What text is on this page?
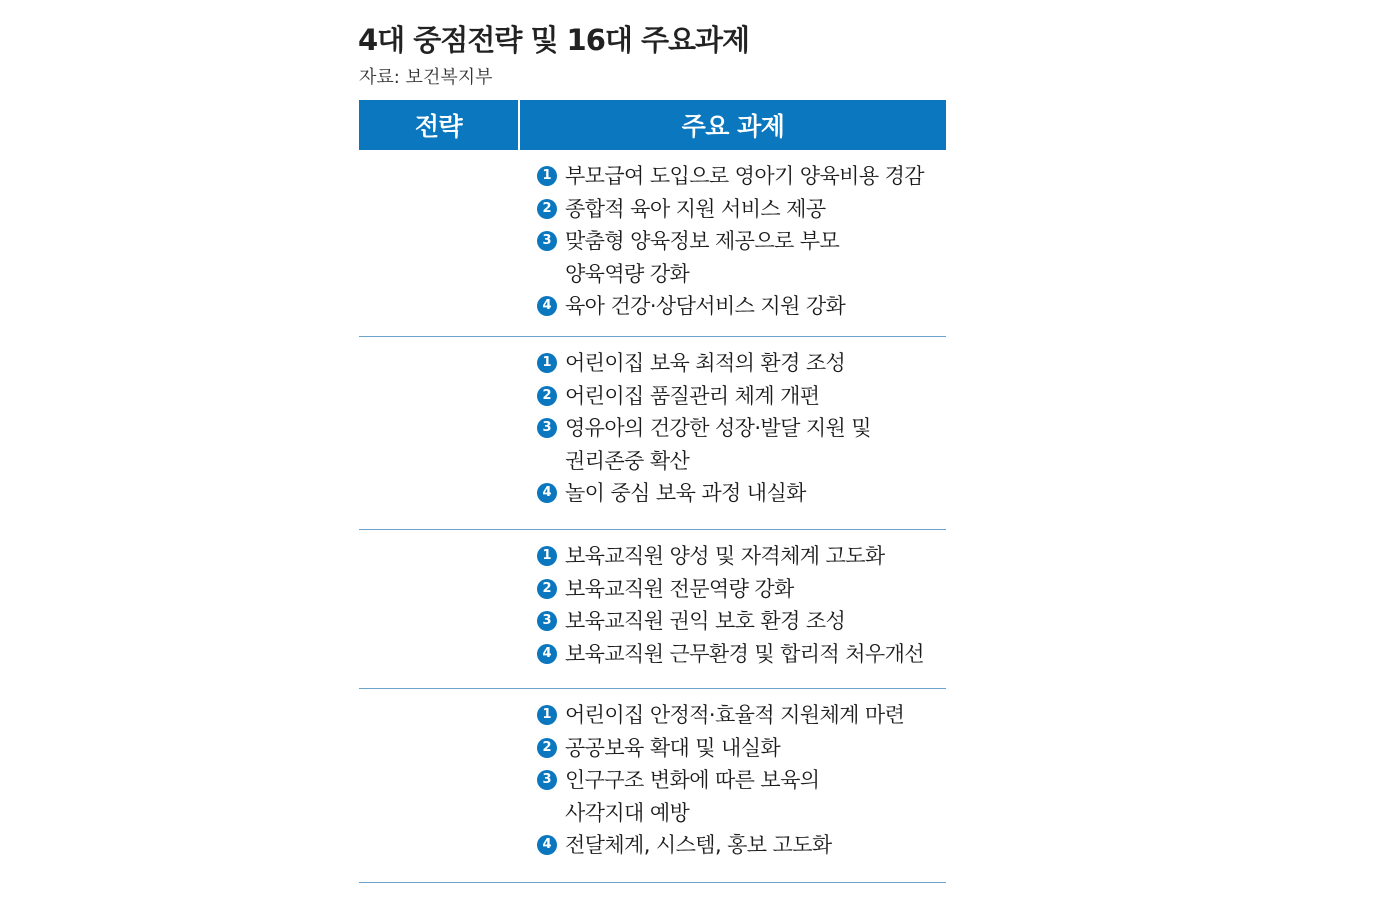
4대 중점전략 및 16대 주요과제
자료: 보건복지부
전략	주요 과제
1 부모급여 도입으로 영아기 양육비용 경감
2 종합적 육아 지원 서비스 제공
3 맞춤형 양육정보 제공으로 부모
양육역량 강화
4 육아 건강·상담서비스 지원 강화
1 어린이집 보육 최적의 환경 조성
2 어린이집 품질관리 체계 개편
3 영유아의 건강한 성장·발달 지원 및
권리존중 확산
4 놀이 중심 보육 과정 내실화
1 보육교직원 양성 및 자격체계 고도화
2 보육교직원 전문역량 강화
3 보육교직원 권익 보호 환경 조성
4 보육교직원 근무환경 및 합리적 처우개선
1 어린이집 안정적·효율적 지원체계 마련
2 공공보육 확대 및 내실화
3 인구구조 변화에 따른 보육의
사각지대 예방
4 전달체계, 시스템, 홍보 고도화
